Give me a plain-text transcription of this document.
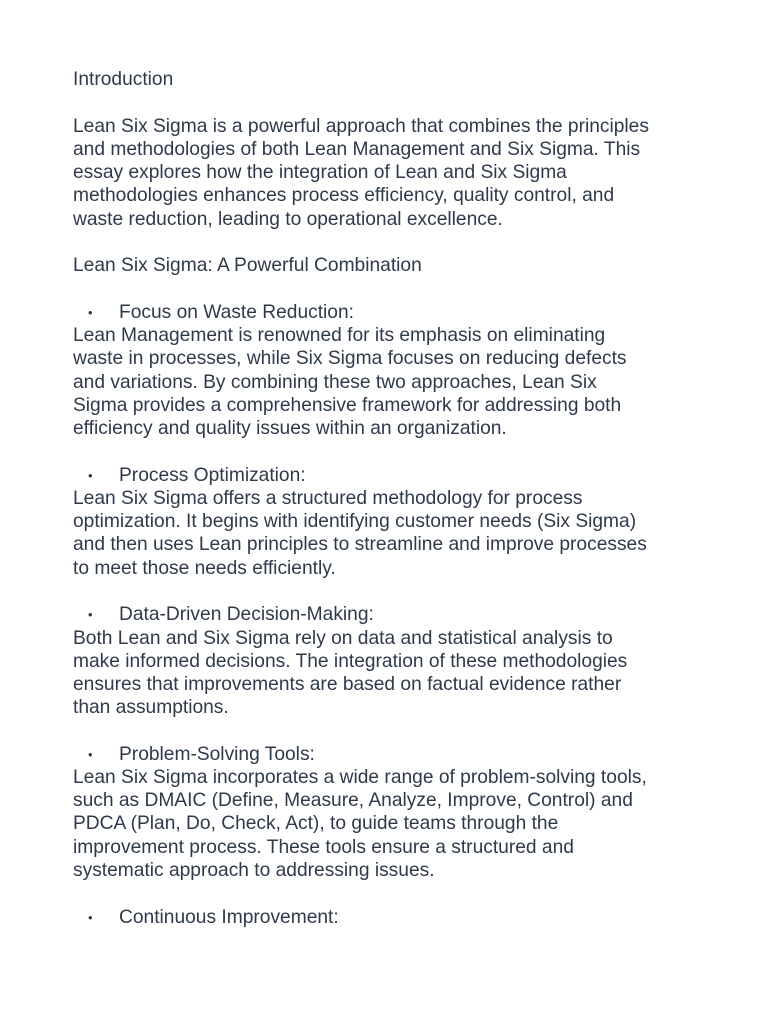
Introduction
Lean Six Sigma is a powerful approach that combines the principles
and methodologies of both Lean Management and Six Sigma. This
essay explores how the integration of Lean and Six Sigma
methodologies enhances process efficiency, quality control, and
waste reduction, leading to operational excellence.
Lean Six Sigma: A Powerful Combination
• Focus on Waste Reduction:
Lean Management is renowned for its emphasis on eliminating
waste in processes, while Six Sigma focuses on reducing defects
and variations. By combining these two approaches, Lean Six
Sigma provides a comprehensive framework for addressing both
efficiency and quality issues within an organization.
• Process Optimization:
Lean Six Sigma offers a structured methodology for process
optimization. It begins with identifying customer needs (Six Sigma)
and then uses Lean principles to streamline and improve processes
to meet those needs efficiently.
• Data-Driven Decision-Making:
Both Lean and Six Sigma rely on data and statistical analysis to
make informed decisions. The integration of these methodologies
ensures that improvements are based on factual evidence rather
than assumptions.
• Problem-Solving Tools:
Lean Six Sigma incorporates a wide range of problem-solving tools,
such as DMAIC (Define, Measure, Analyze, Improve, Control) and
PDCA (Plan, Do, Check, Act), to guide teams through the
improvement process. These tools ensure a structured and
systematic approach to addressing issues.
• Continuous Improvement:
